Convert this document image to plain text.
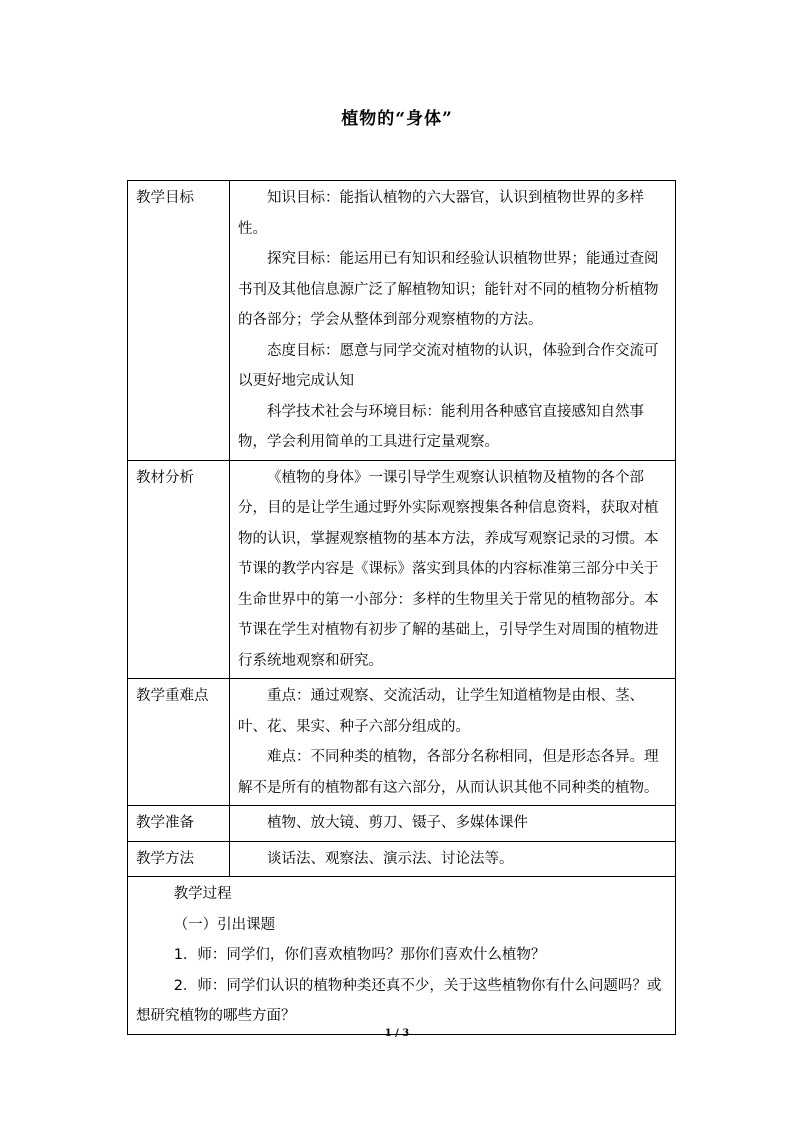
植物的“身体”
教学目标	知识目标：能指认植物的六大器官，认识到植物世界的多样性。

探究目标：能运用已有知识和经验认识植物世界；能通过查阅书刊及其他信息源广泛了解植物知识；能针对不同的植物分析植物的各部分；学会从整体到部分观察植物的方法。

态度目标：愿意与同学交流对植物的认识，体验到合作交流可以更好地完成认知

科学技术社会与环境目标：能利用各种感官直接感知自然事物，学会利用简单的工具进行定量观察。

教材分析	《植物的身体》一课引导学生观察认识植物及植物的各个部分，目的是让学生通过野外实际观察搜集各种信息资料，获取对植物的认识，掌握观察植物的基本方法，养成写观察记录的习惯。本节课的教学内容是《课标》落实到具体的内容标准第三部分中关于生命世界中的第一小部分：多样的生物里关于常见的植物部分。本节课在学生对植物有初步了解的基础上，引导学生对周围的植物进行系统地观察和研究。

教学重难点	重点：通过观察、交流活动，让学生知道植物是由根、茎、叶、花、果实、种子六部分组成的。

难点：不同种类的植物，各部分名称相同，但是形态各异。理解不是所有的植物都有这六部分，从而认识其他不同种类的植物。

教学准备	植物、放大镜、剪刀、镊子、多媒体课件

教学方法	谈话法、观察法、演示法、讨论法等。

教学过程

（一）引出课题

1．师：同学们，你们喜欢植物吗？那你们喜欢什么植物？

2．师：同学们认识的植物种类还真不少，关于这些植物你有什么问题吗？或想研究植物的哪些方面？	

1 / 3
